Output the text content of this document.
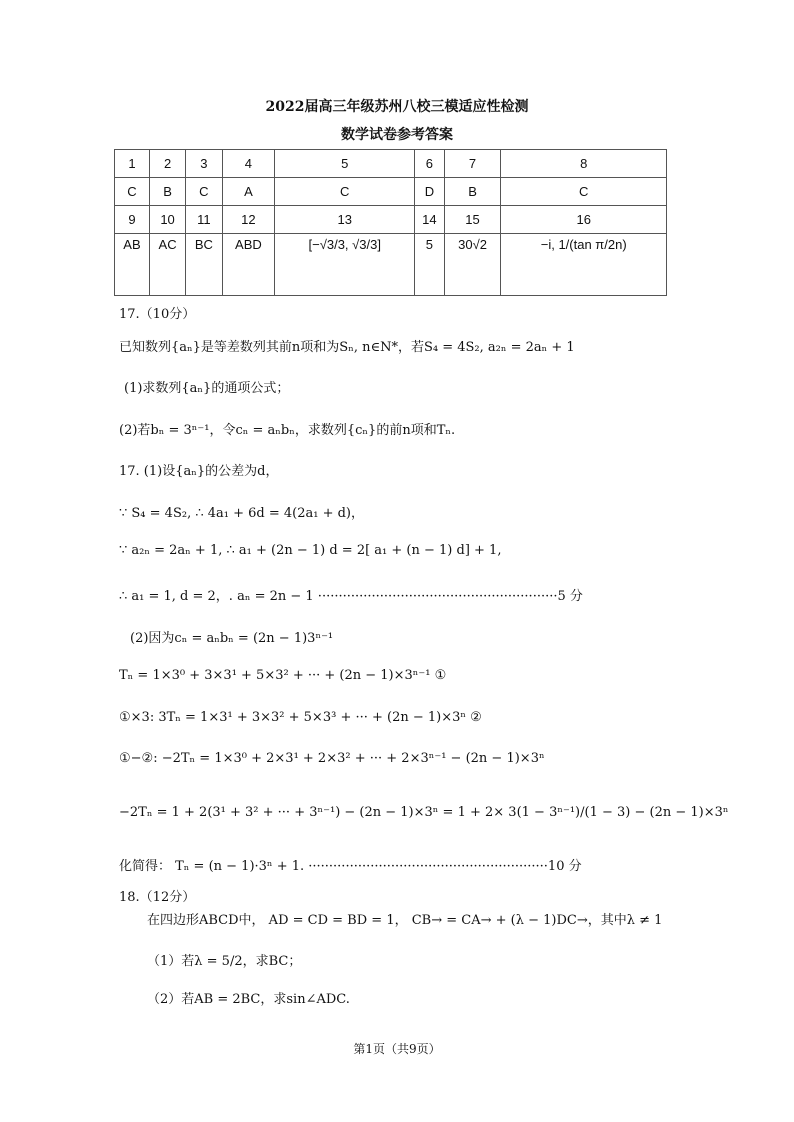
2022届高三年级苏州八校三模适应性检测
数学试卷参考答案
1	2	3	4	5	6	7	8
C	B	C	A	C	D	B	C
9	10	11	12	13	14	15	16
AB	AC	BC	ABD	[−√3/3, √3/3]	5	30√2	−i, 1/(tan π/2n)
17.（10分）
已知数列{aₙ}是等差数列其前n项和为Sₙ, n∈N*，若S₄ = 4S₂, a₂ₙ = 2aₙ + 1
(1)求数列{aₙ}的通项公式；
(2)若bₙ = 3ⁿ⁻¹，令cₙ = aₙbₙ，求数列{cₙ}的前n项和Tₙ.
17. (1)设{aₙ}的公差为d，
∵ S₄ = 4S₂, ∴ 4a₁ + 6d = 4(2a₁ + d)，
∵ a₂ₙ = 2aₙ + 1, ∴ a₁ + (2n − 1) d = 2[ a₁ + (n − 1) d] + 1,
∴ a₁ = 1, d = 2，. aₙ = 2n − 1 ··························································5 分
(2)因为cₙ = aₙbₙ = (2n − 1)3ⁿ⁻¹
Tₙ = 1×3⁰ + 3×3¹ + 5×3² + ··· + (2n − 1)×3ⁿ⁻¹ ①
①×3: 3Tₙ = 1×3¹ + 3×3² + 5×3³ + ··· + (2n − 1)×3ⁿ ②
①−②: −2Tₙ = 1×3⁰ + 2×3¹ + 2×3² + ··· + 2×3ⁿ⁻¹ − (2n − 1)×3ⁿ
−2Tₙ = 1 + 2(3¹ + 3² + ··· + 3ⁿ⁻¹) − (2n − 1)×3ⁿ = 1 + 2× 3(1 − 3ⁿ⁻¹)/(1 − 3) − (2n − 1)×3ⁿ
化简得： Tₙ = (n − 1)·3ⁿ + 1. ··························································10 分
18.（12分）
在四边形ABCD中， AD = CD = BD = 1， CB→ = CA→ + (λ − 1)DC→，其中λ ≠ 1
（1）若λ = 5/2，求BC；
（2）若AB = 2BC，求sin∠ADC.
第1页（共9页）
